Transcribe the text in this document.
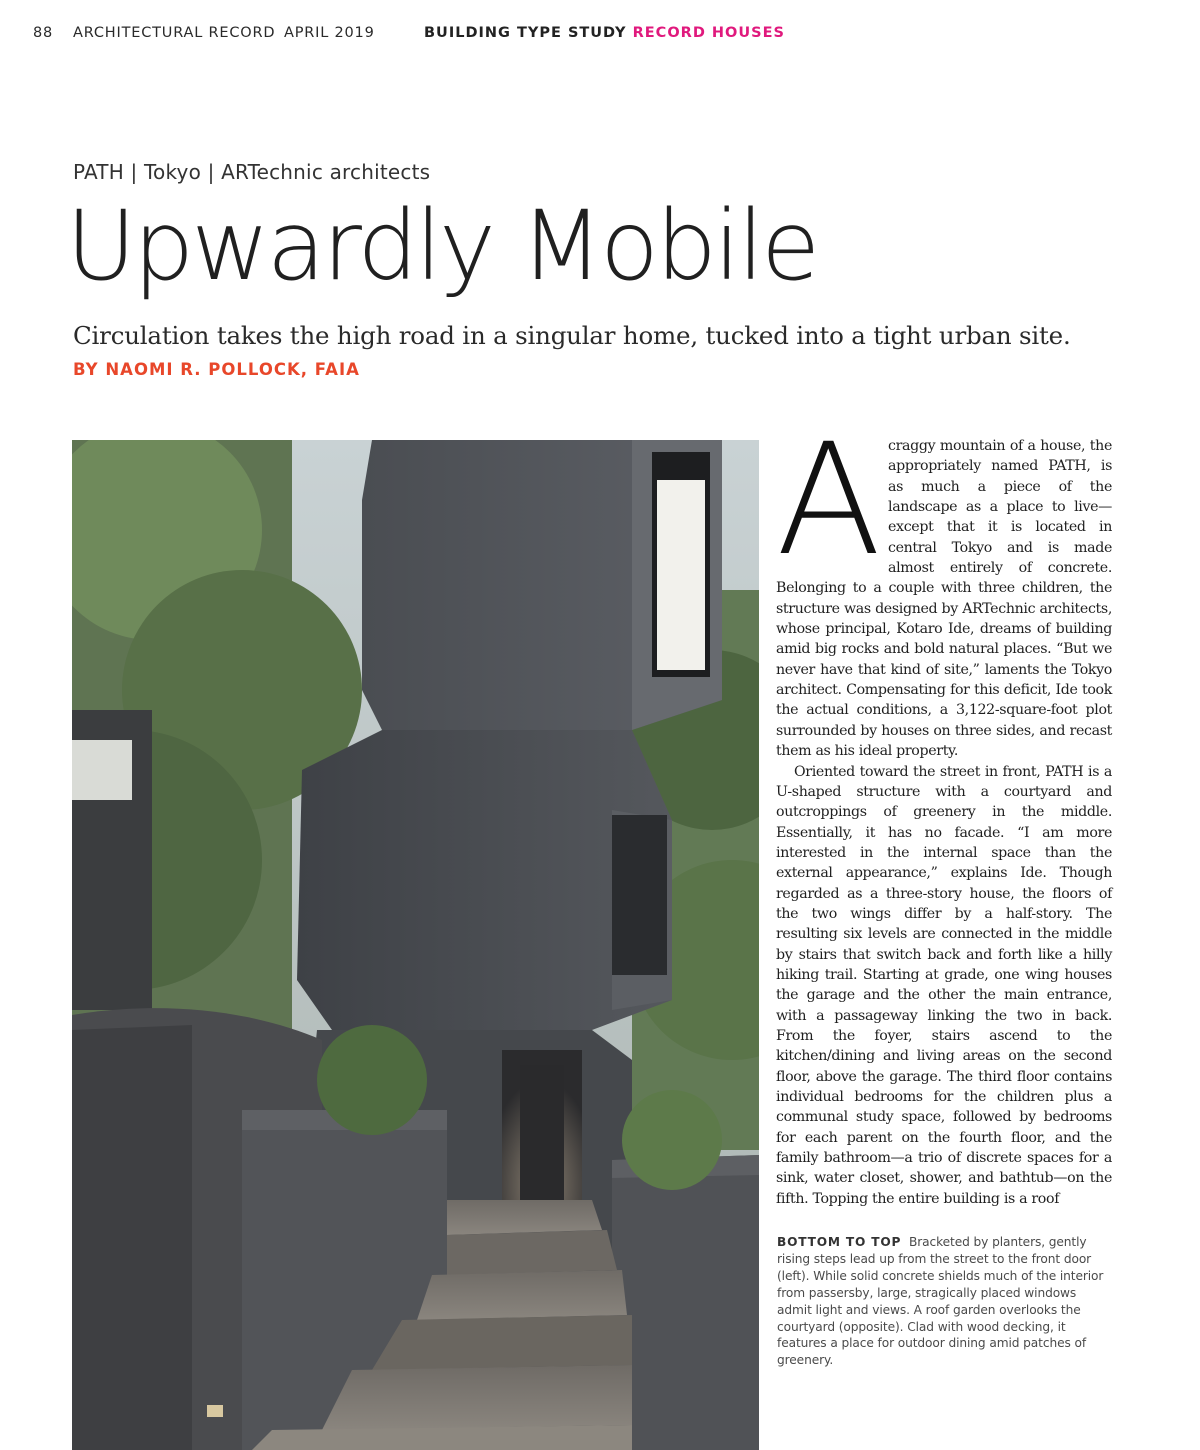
88 ARCHITECTURAL RECORD APRIL 2019	BUILDING TYPE STUDY RECORD HOUSES
PATH | Tokyo | ARTechnic architects
Upwardly Mobile
Circulation takes the high road in a singular home, tucked into a tight urban site.
BY NAOMI R. POLLOCK, FAIA
A craggy mountain of a house, the appropriately named PATH, is as much a piece of the landscape as a place to live—except that it is located in central Tokyo and is made almost entirely of concrete. Belonging to a couple with three children, the structure was designed by ARTechnic architects, whose principal, Kotaro Ide, dreams of building amid big rocks and bold natural places. “But we never have that kind of site,” laments the Tokyo architect. Compensating for this deficit, Ide took the actual conditions, a 3,122-square-foot plot surrounded by houses on three sides, and recast them as his ideal property.

Oriented toward the street in front, PATH is a U-shaped structure with a courtyard and outcroppings of greenery in the middle. Essentially, it has no facade. “I am more interested in the internal space than the external appearance,” explains Ide. Though regarded as a three-story house, the floors of the two wings differ by a half-story. The resulting six levels are connected in the middle by stairs that switch back and forth like a hilly hiking trail. Starting at grade, one wing houses the garage and the other the main entrance, with a passageway linking the two in back. From the foyer, stairs ascend to the kitchen/dining and living areas on the second floor, above the garage. The third floor contains individual bedrooms for the children plus a communal study space, followed by bedrooms for each parent on the fourth floor, and the family bathroom—a trio of discrete spaces for a sink, water closet, shower, and bathtub—on the fifth. Topping the entire building is a roof

BOTTOM TO TOP Bracketed by planters, gently rising steps lead up from the street to the front door (left). While solid concrete shields much of the interior from passersby, large, stragically placed windows admit light and views. A roof garden overlooks the courtyard (opposite). Clad with wood decking, it features a place for outdoor dining amid patches of greenery.
